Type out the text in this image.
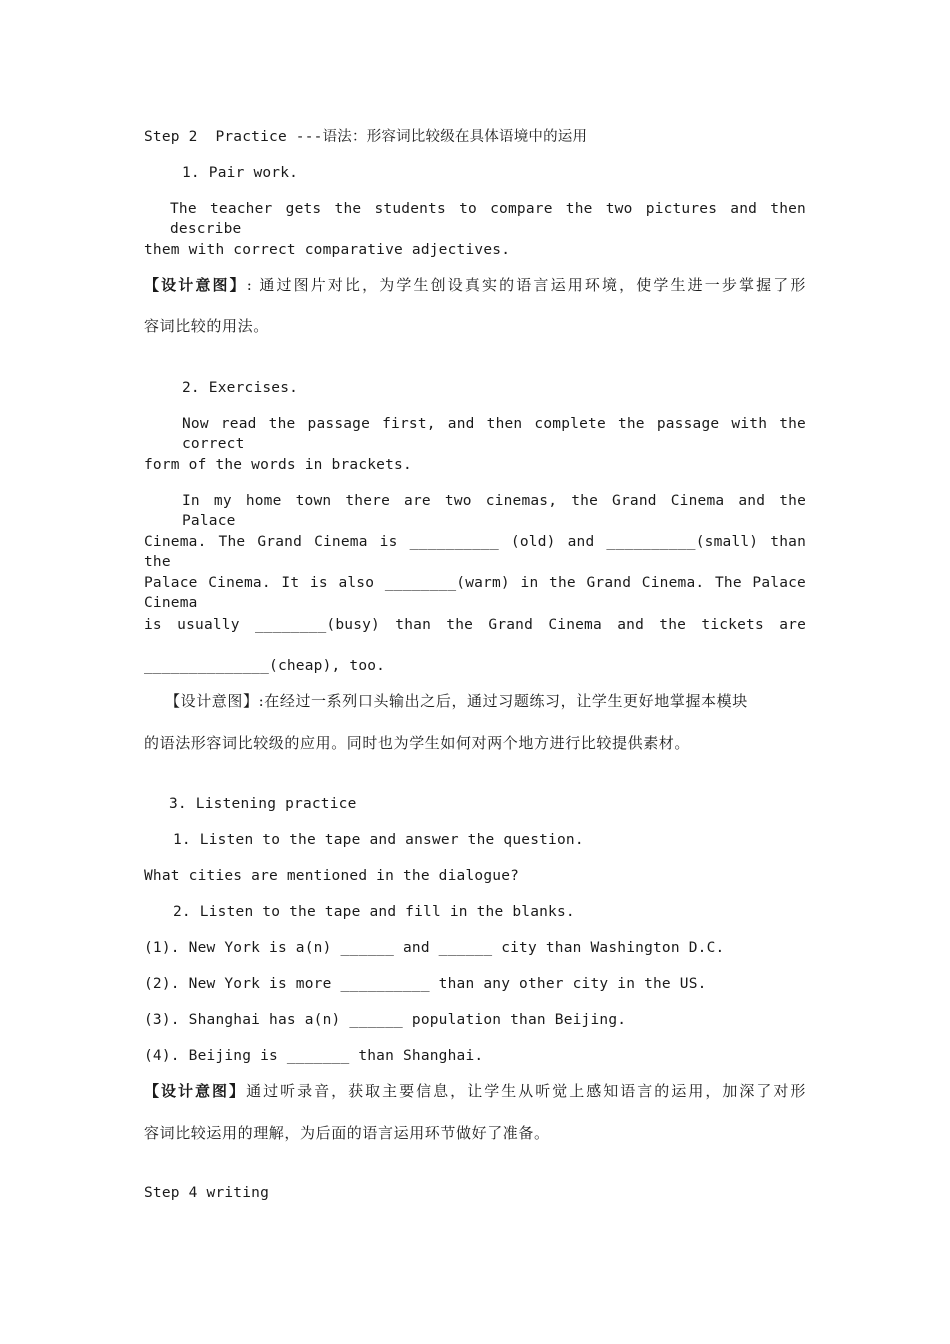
Step 2  Practice ---语法：形容词比较级在具体语境中的运用

1. Pair work.

The teacher gets the students to compare the two pictures and then describe

them with correct comparative adjectives.

【设计意图】: 通过图片对比，为学生创设真实的语言运用环境，使学生进一步掌握了形

容词比较的用法。

2. Exercises.

Now read the passage first, and then complete the passage with the correct

form of the words in brackets.

In my home town there are two cinemas, the Grand Cinema and the Palace

Cinema. The Grand Cinema is __________ (old) and __________(small) than the

Palace Cinema. It is also ________(warm) in the Grand Cinema. The Palace Cinema

is usually ________(busy) than the Grand Cinema and the tickets are

______________(cheap), too.

【设计意图】:在经过一系列口头输出之后，通过习题练习，让学生更好地掌握本模块

的语法形容词比较级的应用。同时也为学生如何对两个地方进行比较提供素材。

3. Listening practice

1. Listen to the tape and answer the question.

What cities are mentioned in the dialogue?

2. Listen to the tape and fill in the blanks.

(1). New York is a(n) ______ and ______ city than Washington D.C.

(2). New York is more __________ than any other city in the US.

(3). Shanghai has a(n) ______ population than Beijing.

(4). Beijing is _______ than Shanghai.

【设计意图】通过听录音，获取主要信息，让学生从听觉上感知语言的运用，加深了对形

容词比较运用的理解，为后面的语言运用环节做好了准备。

Step 4 writing
